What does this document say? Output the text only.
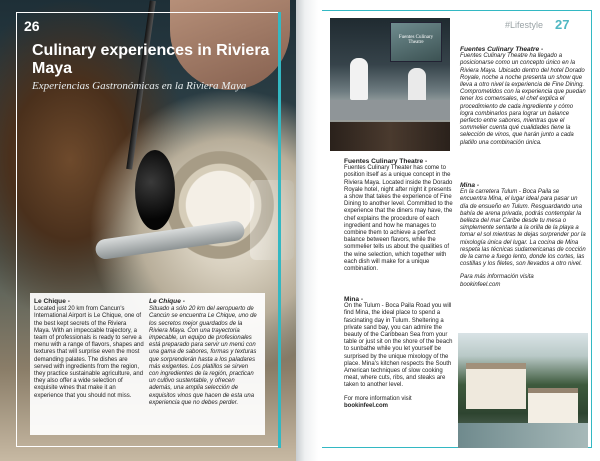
26
Culinary experiences in Riviera Maya
Experiencias Gastronómicas en la Riviera Maya
Le Chique -
Located just 20 km from Cancun's International Airport is Le Chique, one of the best kept secrets of the Riviera Maya. With an impeccable trajectory, a team of professionals is ready to serve a menu with a range of flavors, shapes and textures that will surprise even the most demanding palates. The dishes are served with ingredients from the region, they practice sustainable agriculture, and they also offer a wide selection of exquisite wines that make it an experience that you should not miss.
Le Chique -
Situado a sólo 20 km del aeropuerto de Cancún se encuentra Le Chique, uno de los secretos mejor guardados de la Riviera Maya. Con una trayectoria impecable, un equipo de profesionales está preparado para servir un menú con una gama de sabores, formas y texturas que sorprenderán hasta a los paladares más exigentes. Los platillos se sirven con ingredientes de la región, practican un cultivo sustentable, y ofrecen además, una amplia selección de exquisitos vinos que hacen de esta una experiencia que no debes perder.
#Lifestyle 27
Fuentes Culinary Theatre
Fuentes Culinary Theatre -
Fuentes Culinary Theatre ha llegado a posicionarse como un concepto único en la Riviera Maya. Ubicado dentro del hotel Dorado Royale, noche a noche presenta un show que lleva a otro nivel la experiencia de Fine Dining. Comprometidos con la experiencia que puedan tener los comensales, el chef explica el procedimiento de cada ingrediente y cómo logra combinarlos para lograr un balance perfecto entre sabores, mientras que el sommelier cuenta qué cualidades tiene la selección de vinos, que harán junto a cada platillo una combinación única.
Fuentes Culinary Theatre -
Fuentes Culinary Theater has come to position itself as a unique concept in the Riviera Maya. Located inside the Dorado Royale hotel, night after night it presents a show that takes the experience of Fine Dining to another level. Committed to the experience that the diners may have, the chef explains the procedure of each ingredient and how he manages to combine them to achieve a perfect balance between flavors, while the sommelier tells us about the qualities of the wine selection, which together with each dish will make for a unique combination.
Mina -
En la carretera Tulum - Boca Paila se encuentra Mina, el lugar ideal para pasar un día de ensueño en Tulum. Resguardando una bahía de arena privada, podrás contemplar la belleza del mar Caribe desde tu mesa o simplemente sentarte a la orilla de la playa a tomar el sol mientras te dejas sorprender por la mixología única del lugar. La cocina de Mina respeta las técnicas sudamericanas de cocción de la carne a fuego lento, donde los cortes, las costillas y los filetes, son llevados a otro nivel.
Para más información visita
bookinfeel.com
Mina -
On the Tulum - Boca Paila Road you will find Mina, the ideal place to spend a fascinating day in Tulum. Sheltering a private sand bay, you can admire the beauty of the Caribbean Sea from your table or just sit on the shore of the beach to sunbathe while you let yourself be surprised by the unique mixology of the place. Mina's kitchen respects the South American techniques of slow cooking meat, where cuts, ribs, and steaks are taken to another level.
For more information visit
bookinfeel.com
